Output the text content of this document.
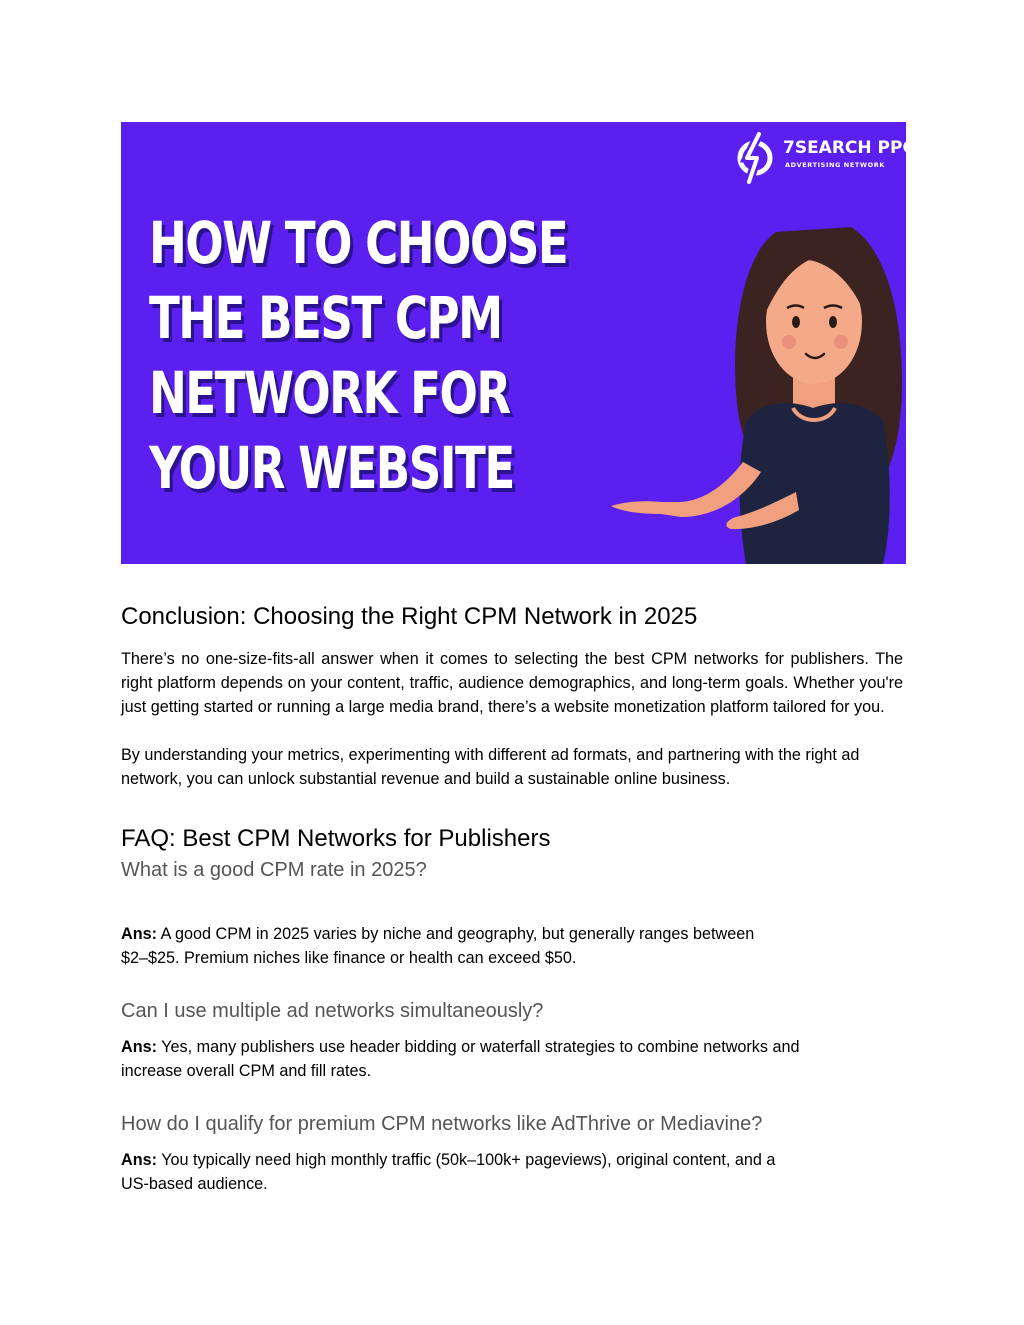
HOW TO CHOOSE
THE BEST CPM
NETWORK FOR
YOUR WEBSITE
7SEARCH PPC®
ADVERTISING NETWORK
Conclusion: Choosing the Right CPM Network in 2025

There’s no one-size-fits-all answer when it comes to selecting the best CPM networks for publishers. The right platform depends on your content, traffic, audience demographics, and long-term goals. Whether you're just getting started or running a large media brand, there’s a website monetization platform tailored for you.

By understanding your metrics, experimenting with different ad formats, and partnering with the right ad network, you can unlock substantial revenue and build a sustainable online business.

FAQ: Best CPM Networks for Publishers
What is a good CPM rate in 2025?
Ans: A good CPM in 2025 varies by niche and geography, but generally ranges between
$2–$25. Premium niches like finance or health can exceed $50.
Can I use multiple ad networks simultaneously?
Ans: Yes, many publishers use header bidding or waterfall strategies to combine networks and
increase overall CPM and fill rates.
How do I qualify for premium CPM networks like AdThrive or Mediavine?
Ans: You typically need high monthly traffic (50k–100k+ pageviews), original content, and a
US-based audience.
